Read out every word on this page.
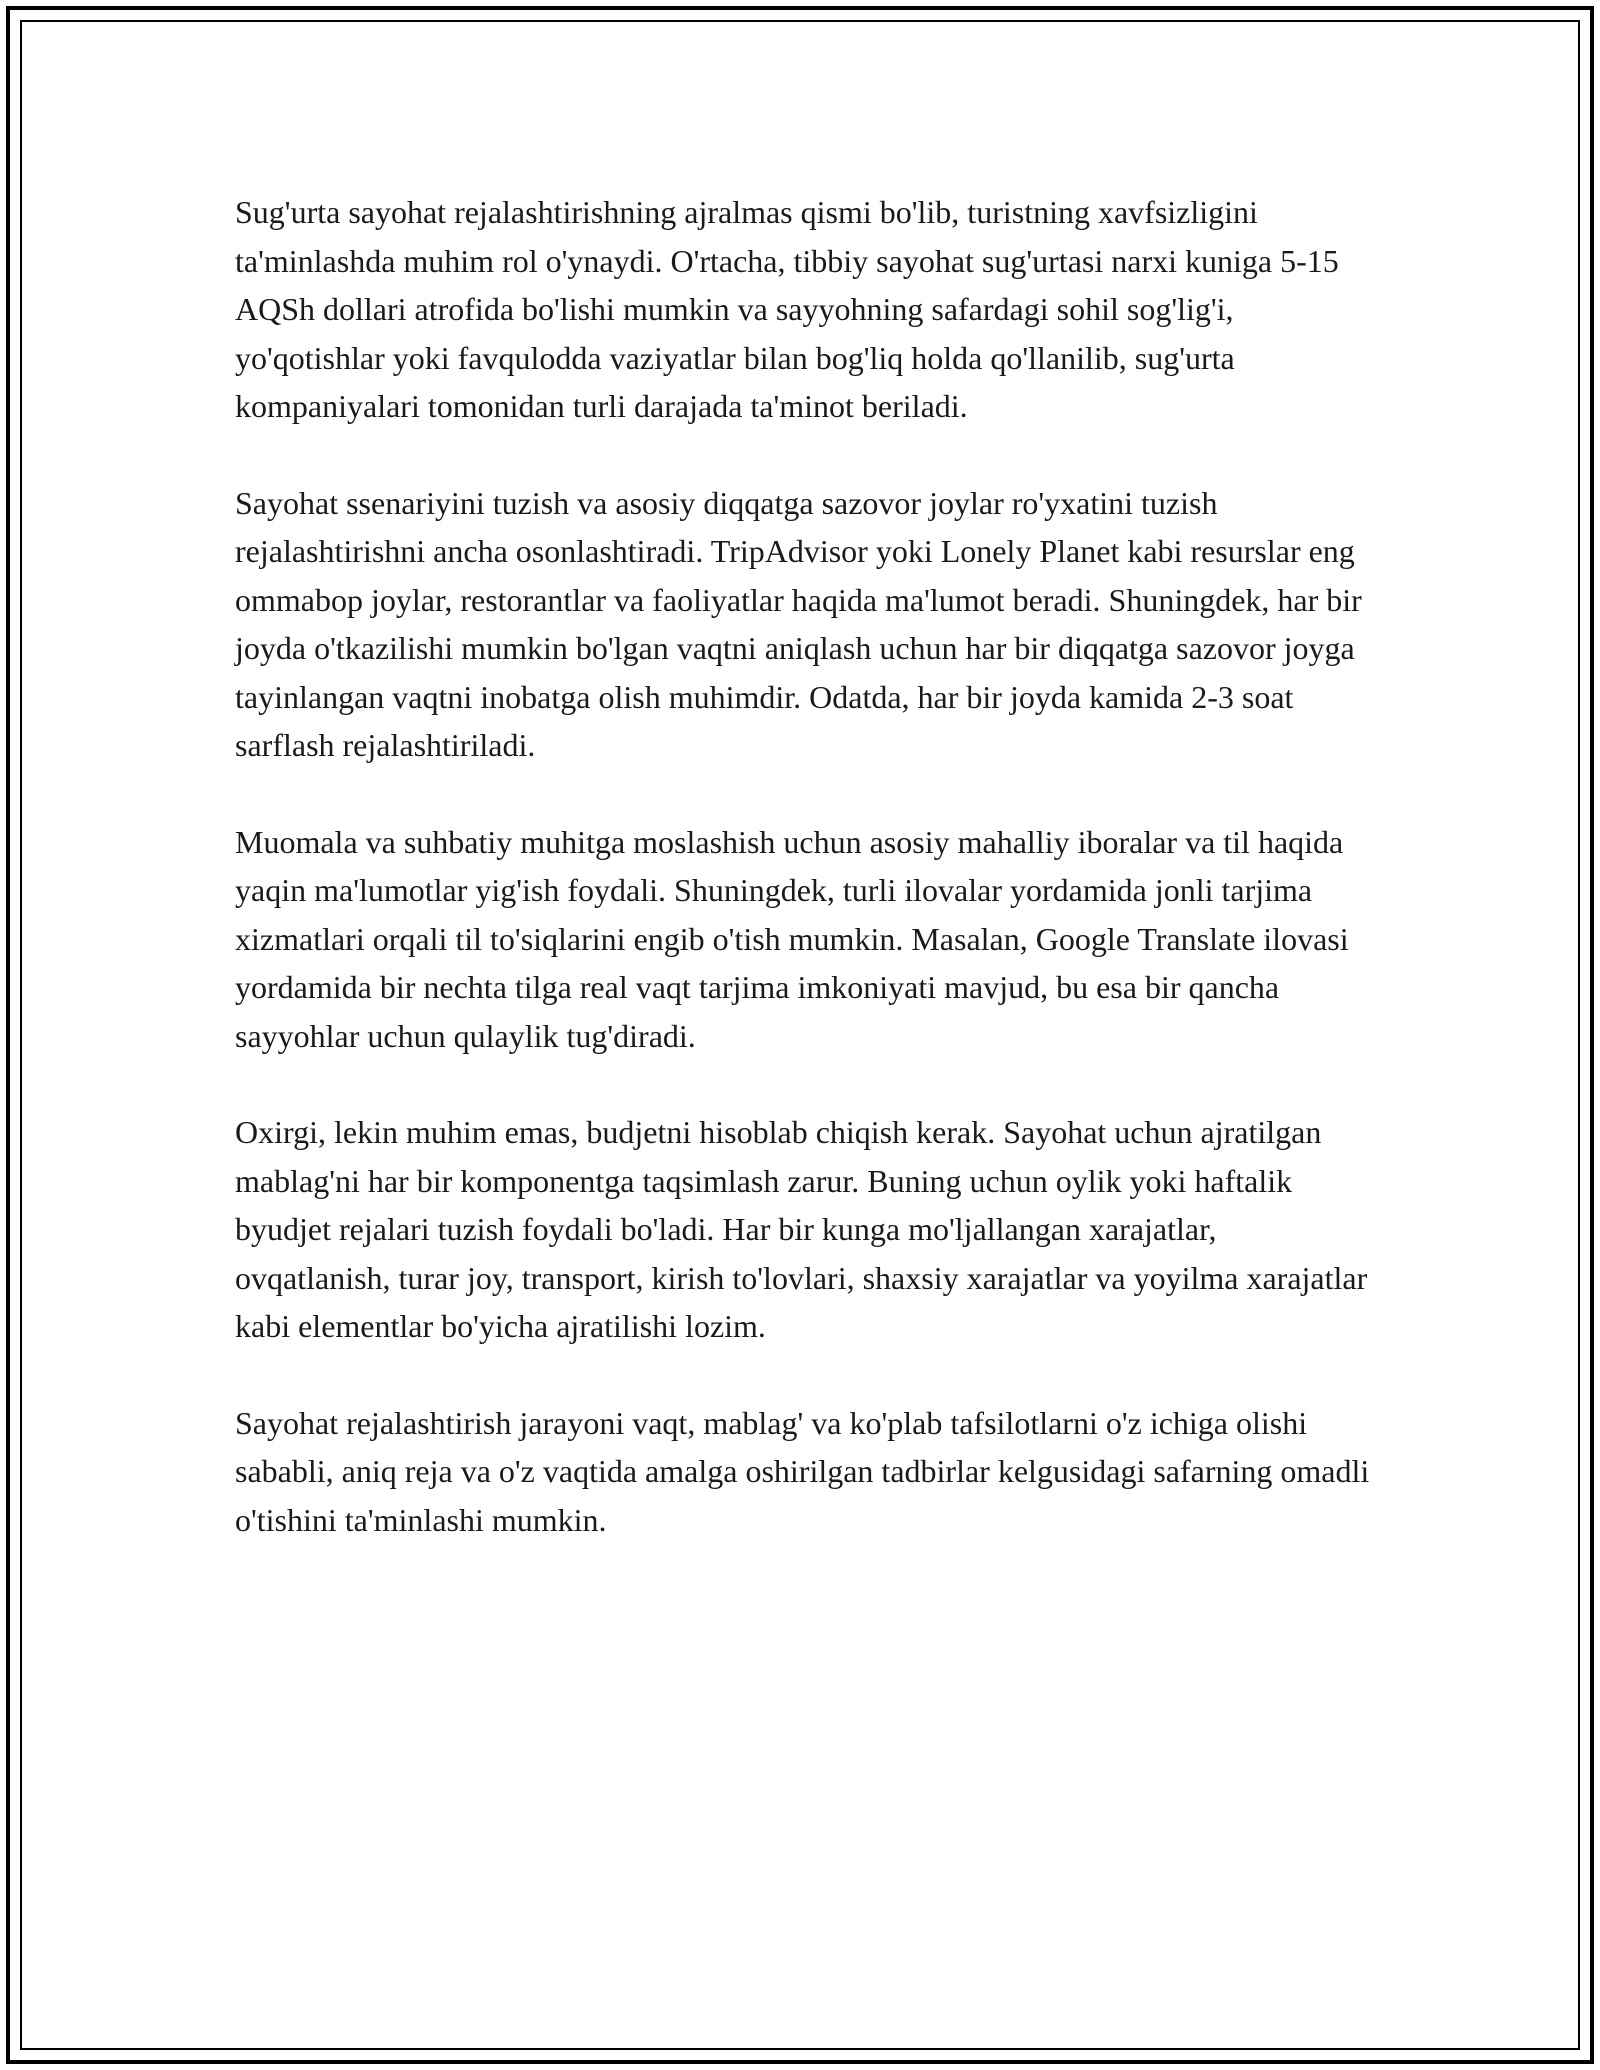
Sug'urta sayohat rejalashtirishning ajralmas qismi bo'lib, turistning xavfsizligini ta'minlashda muhim rol o'ynaydi. O'rtacha, tibbiy sayohat sug'urtasi narxi kuniga 5-15 AQSh dollari atrofida bo'lishi mumkin va sayyohning safardagi sohil sog'lig'i, yo'qotishlar yoki favqulodda vaziyatlar bilan bog'liq holda qo'llanilib, sug'urta kompaniyalari tomonidan turli darajada ta'minot beriladi.

Sayohat ssenariyini tuzish va asosiy diqqatga sazovor joylar ro'yxatini tuzish rejalashtirishni ancha osonlashtiradi. TripAdvisor yoki Lonely Planet kabi resurslar eng ommabop joylar, restorantlar va faoliyatlar haqida ma'lumot beradi. Shuningdek, har bir joyda o'tkazilishi mumkin bo'lgan vaqtni aniqlash uchun har bir diqqatga sazovor joyga tayinlangan vaqtni inobatga olish muhimdir. Odatda, har bir joyda kamida 2-3 soat sarflash rejalashtiriladi.

Muomala va suhbatiy muhitga moslashish uchun asosiy mahalliy iboralar va til haqida yaqin ma'lumotlar yig'ish foydali. Shuningdek, turli ilovalar yordamida jonli tarjima xizmatlari orqali til to'siqlarini engib o'tish mumkin. Masalan, Google Translate ilovasi yordamida bir nechta tilga real vaqt tarjima imkoniyati mavjud, bu esa bir qancha sayyohlar uchun qulaylik tug'diradi.

Oxirgi, lekin muhim emas, budjetni hisoblab chiqish kerak. Sayohat uchun ajratilgan mablag'ni har bir komponentga taqsimlash zarur. Buning uchun oylik yoki haftalik byudjet rejalari tuzish foydali bo'ladi. Har bir kunga mo'ljallangan xarajatlar, ovqatlanish, turar joy, transport, kirish to'lovlari, shaxsiy xarajatlar va yoyilma xarajatlar kabi elementlar bo'yicha ajratilishi lozim.

Sayohat rejalashtirish jarayoni vaqt, mablag' va ko'plab tafsilotlarni o'z ichiga olishi sababli, aniq reja va o'z vaqtida amalga oshirilgan tadbirlar kelgusidagi safarning omadli o'tishini ta'minlashi mumkin.
